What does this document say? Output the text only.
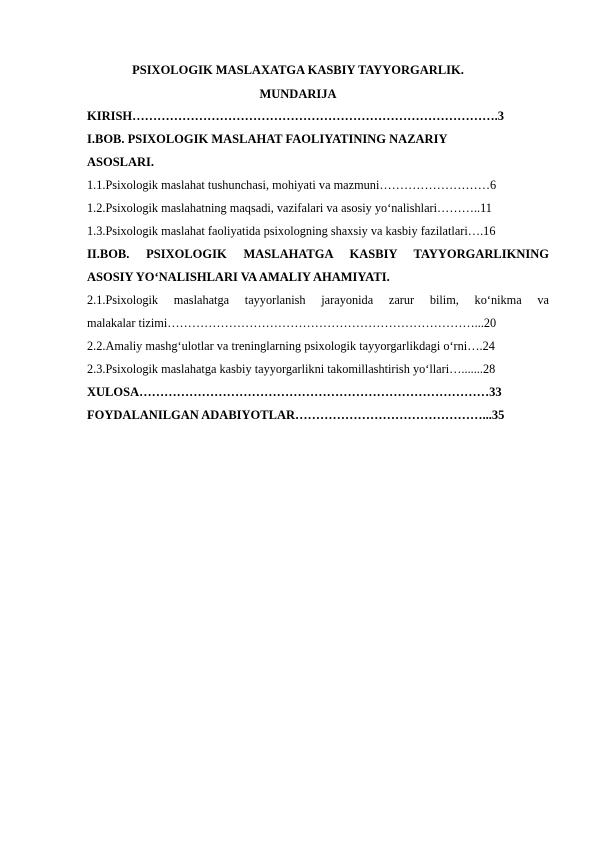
PSIXOLOGIK MASLAXATGA KASBIY TAYYORGARLIK.
MUNDARIJA
KIRISH…………………………………………………………………………….3
I.BOB. PSIXOLOGIK MASLAHAT FAOLIYATINING NAZARIY
ASOSLARI.
1.1.Psixologik maslahat tushunchasi, mohiyati va mazmuni………………………6
1.2.Psixologik maslahatning maqsadi, vazifalari va asosiy yo‘nalishlari………..11
1.3.Psixologik maslahat faoliyatida psixologning shaxsiy va kasbiy fazilatlari….16
II.BOB. PSIXOLOGIK MASLAHATGA KASBIY TAYYORGARLIKNING
ASOSIY YO‘NALISHLARI VA AMALIY AHAMIYATI.
2.1.Psixologik maslahatga tayyorlanish jarayonida zarur bilim, ko‘nikma va
malakalar tizimi…………………………………………………………………...20
2.2.Amaliy mashg‘ulotlar va treninglarning psixologik tayyorgarlikdagi o‘rni….24
2.3.Psixologik maslahatga kasbiy tayyorgarlikni takomillashtirish yo‘llari….......28
XULOSA…………………………………………………………………………33
FOYDALANILGAN ADABIYOTLAR………………………………………...35
